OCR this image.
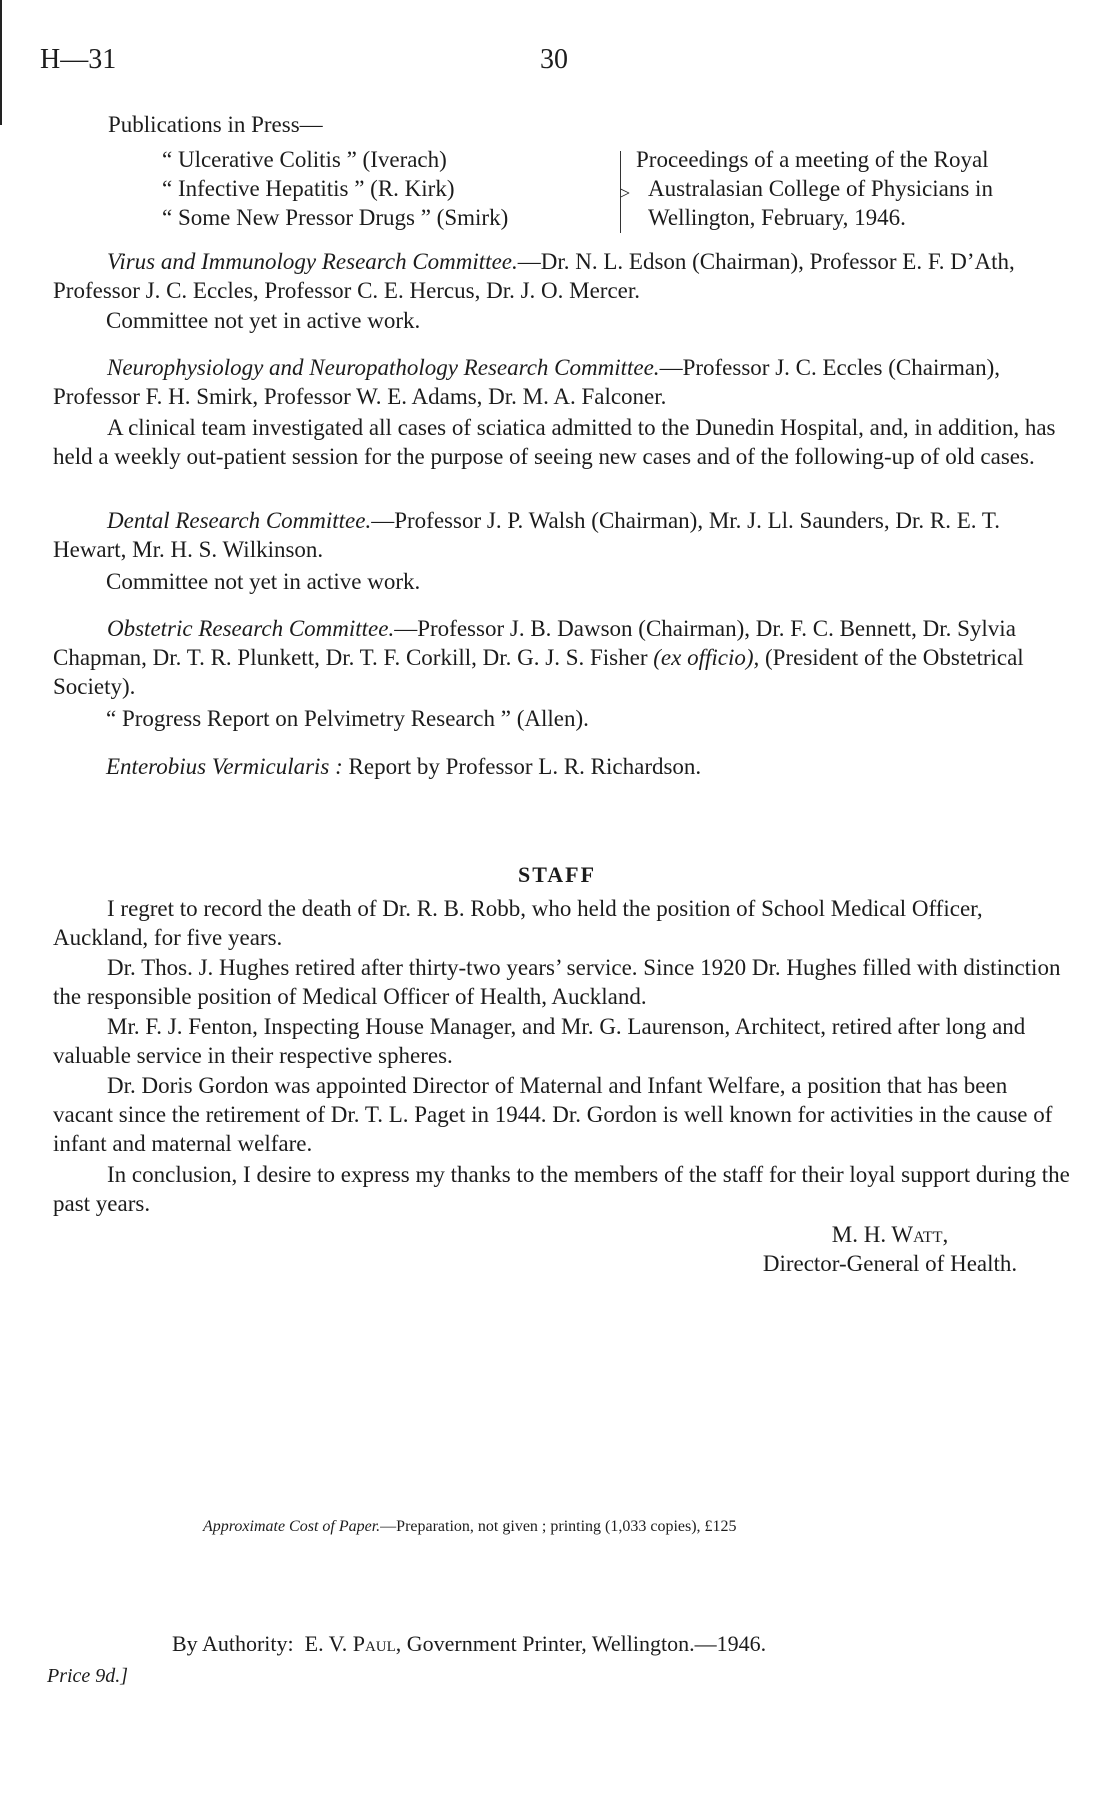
H—31	30
Publications in Press—
“ Ulcerative Colitis ” (Iverach)
“ Infective Hepatitis ” (R. Kirk)
“ Some New Pressor Drugs ” (Smirk)
>
Proceedings of a meeting of the Royal
Australasian College of Physicians in
Wellington, February, 1946.
Virus and Immunology Research Committee.—Dr. N. L. Edson (Chairman), Professor E. F. D’Ath, Professor J. C. Eccles, Professor C. E. Hercus, Dr. J. O. Mercer.
Committee not yet in active work.
Neurophysiology and Neuropathology Research Committee.—Professor J. C. Eccles (Chairman), Professor F. H. Smirk, Professor W. E. Adams, Dr. M. A. Falconer.
A clinical team investigated all cases of sciatica admitted to the Dunedin Hospital, and, in addition, has held a weekly out-patient session for the purpose of seeing new cases and of the following-up of old cases.
Dental Research Committee.—Professor J. P. Walsh (Chairman), Mr. J. Ll. Saunders, Dr. R. E. T. Hewart, Mr. H. S. Wilkinson.
Committee not yet in active work.
Obstetric Research Committee.—Professor J. B. Dawson (Chairman), Dr. F. C. Bennett, Dr. Sylvia Chapman, Dr. T. R. Plunkett, Dr. T. F. Corkill, Dr. G. J. S. Fisher (ex officio), (President of the Obstetrical Society).
“ Progress Report on Pelvimetry Research ” (Allen).
Enterobius Vermicularis : Report by Professor L. R. Richardson.
STAFF
I regret to record the death of Dr. R. B. Robb, who held the position of School Medical Officer, Auckland, for five years.
Dr. Thos. J. Hughes retired after thirty-two years’ service. Since 1920 Dr. Hughes filled with distinction the responsible position of Medical Officer of Health, Auckland.
Mr. F. J. Fenton, Inspecting House Manager, and Mr. G. Laurenson, Architect, retired after long and valuable service in their respective spheres.
Dr. Doris Gordon was appointed Director of Maternal and Infant Welfare, a position that has been vacant since the retirement of Dr. T. L. Paget in 1944. Dr. Gordon is well known for activities in the cause of infant and maternal welfare.
In conclusion, I desire to express my thanks to the members of the staff for their loyal support during the past years.
M. H. Watt,
Director-General of Health.
Approximate Cost of Paper.—Preparation, not given ; printing (1,033 copies), £125
By Authority: E. V. Paul, Government Printer, Wellington.—1946.
Price 9d.]
